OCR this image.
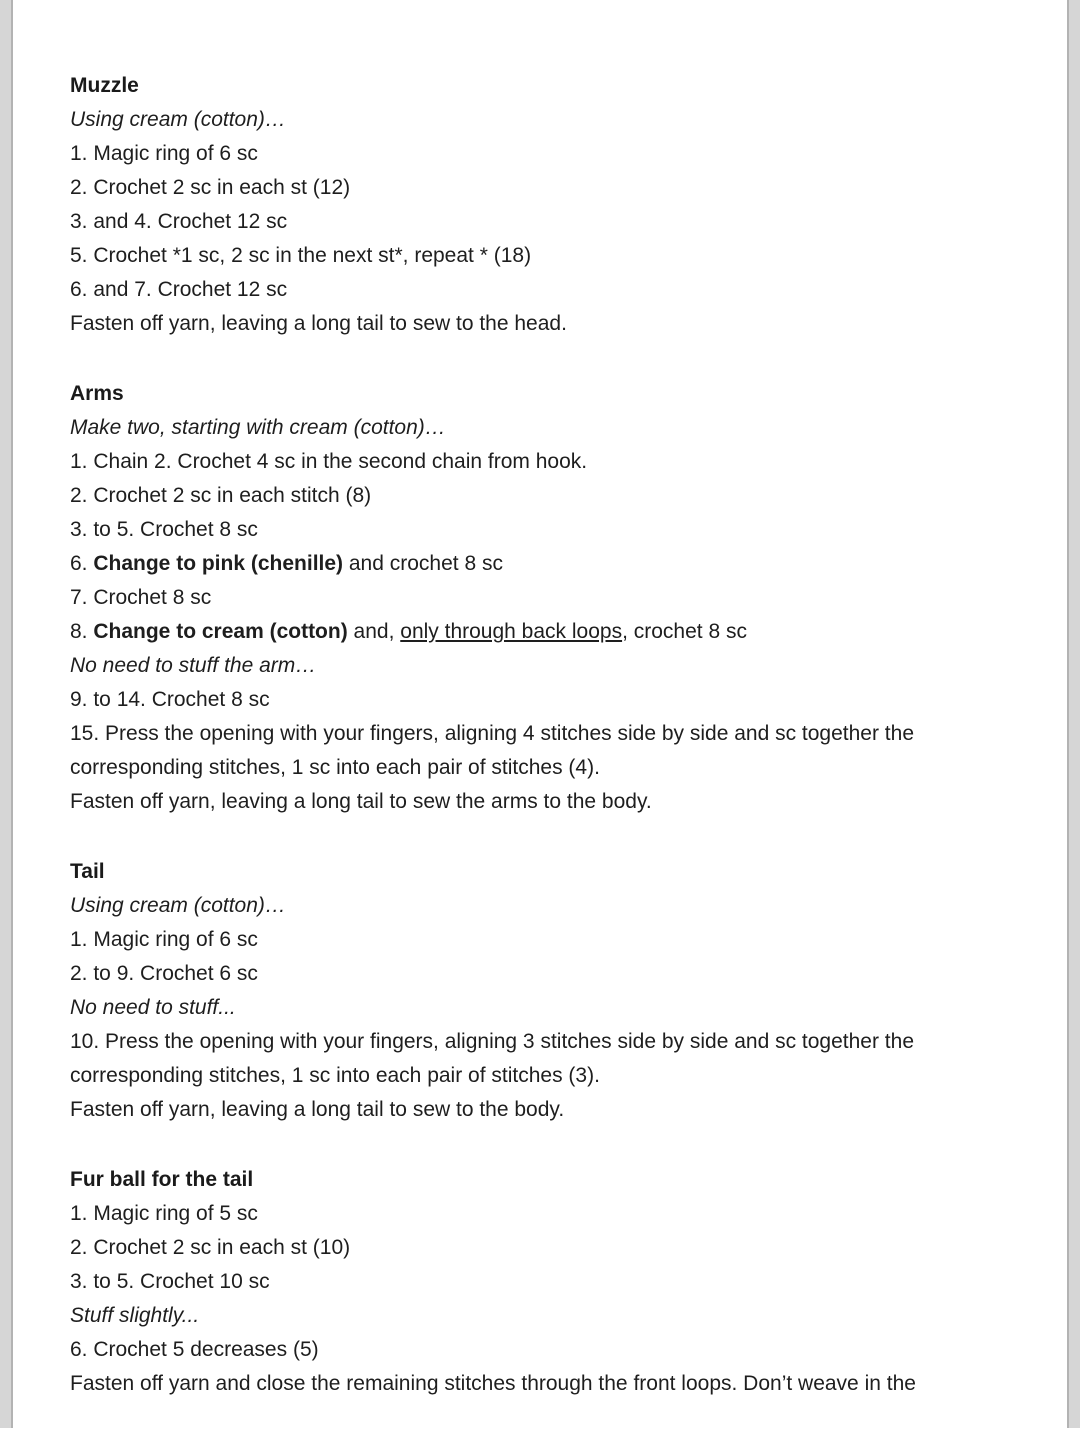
Muzzle

Using cream (cotton)…

1. Magic ring of 6 sc

2. Crochet 2 sc in each st (12)

3. and 4. Crochet 12 sc

5. Crochet *1 sc, 2 sc in the next st*, repeat * (18)

6. and 7. Crochet 12 sc

Fasten off yarn, leaving a long tail to sew to the head.

Arms

Make two, starting with cream (cotton)…

1. Chain 2. Crochet 4 sc in the second chain from hook.

2. Crochet 2 sc in each stitch (8)

3. to 5. Crochet 8 sc

6. Change to pink (chenille) and crochet 8 sc

7. Crochet 8 sc

8. Change to cream (cotton) and, only through back loops, crochet 8 sc

No need to stuff the arm…

9. to 14. Crochet 8 sc

15. Press the opening with your fingers, aligning 4 stitches side by side and sc together the corresponding stitches, 1 sc into each pair of stitches (4).

Fasten off yarn, leaving a long tail to sew the arms to the body.

Tail

Using cream (cotton)…

1. Magic ring of 6 sc

2. to 9. Crochet 6 sc

No need to stuff...

10. Press the opening with your fingers, aligning 3 stitches side by side and sc together the corresponding stitches, 1 sc into each pair of stitches (3).

Fasten off yarn, leaving a long tail to sew to the body.

Fur ball for the tail

1. Magic ring of 5 sc

2. Crochet 2 sc in each st (10)

3. to 5. Crochet 10 sc

Stuff slightly...

6. Crochet 5 decreases (5)

Fasten off yarn and close the remaining stitches through the front loops. Don’t weave in the
